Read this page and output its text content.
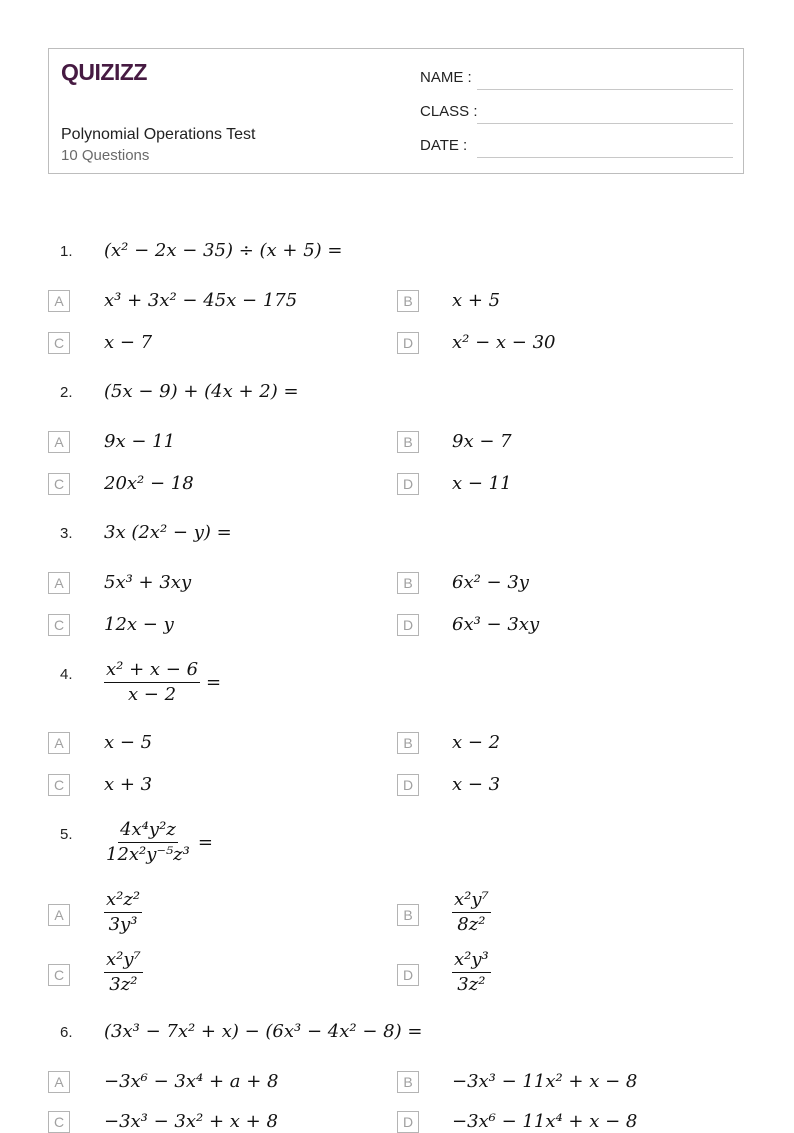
QUIZIZZ
Polynomial Operations Test
10 Questions
NAME :
CLASS :
DATE :
1. (x² − 2x − 35) ÷ (x + 5) =
A	x³ + 3x² − 45x − 175	B	x + 5
C	x − 7	D	x² − x − 30
2. (5x − 9) + (4x + 2) =
A	9x − 11	B	9x − 7
C	20x² − 18	D	x − 11
3. 3x (2x² − y) =
A	5x³ + 3xy	B	6x² − 3y
C	12x − y	D	6x³ − 3xy
4. $\frac{\text{x² + x − 6}}{x - 2}$ =
A	x − 5	B	x − 2
C	x + 3	D	x − 3
5. $\frac{\text{4x⁴y²z}}{\text{12x²y⁻⁵z³}}$ =
A	$\frac{\text{x²z²}}{\text{3y³}}$	B	$\frac{\text{x²y⁷}}{\text{8z²}}$
C	$\frac{\text{x²y⁷}}{\text{3z²}}$	D	$\frac{\text{x²y³}}{\text{3z²}}$
6. (3x³ − 7x² + x) − (6x³ − 4x² − 8) =
A	−3x⁶ − 3x⁴ + a + 8	B	−3x³ − 11x² + x − 8
C	−3x³ − 3x² + x + 8	D	−3x⁶ − 11x⁴ + x − 8
